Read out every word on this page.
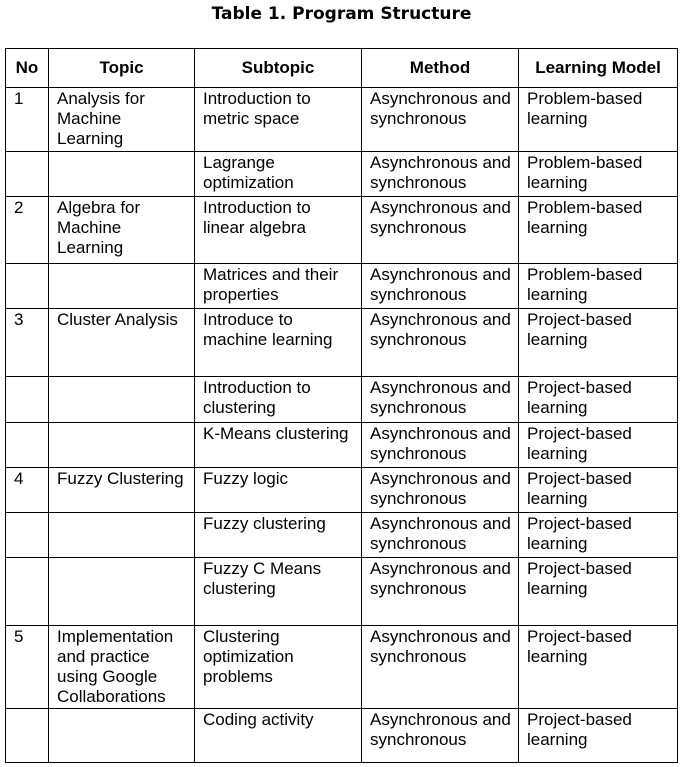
Table 1. Program Structure
No	Topic	Subtopic	Method	Learning Model
1	Analysis for Machine Learning	Introduction to metric space	Asynchronous and synchronous	Problem-based learning
		Lagrange optimization	Asynchronous and synchronous	Problem-based learning
2	Algebra for Machine Learning	Introduction to linear algebra	Asynchronous and synchronous	Problem-based learning
		Matrices and their properties	Asynchronous and synchronous	Problem-based learning
3	Cluster Analysis	Introduce to machine learning	Asynchronous and synchronous	Project-based learning
		Introduction to clustering	Asynchronous and synchronous	Project-based learning
		K-Means clustering	Asynchronous and synchronous	Project-based learning
4	Fuzzy Clustering	Fuzzy logic	Asynchronous and synchronous	Project-based learning
		Fuzzy clustering	Asynchronous and synchronous	Project-based learning
		Fuzzy C Means clustering	Asynchronous and synchronous	Project-based learning
5	Implementation and practice using Google Collaborations	Clustering optimization problems	Asynchronous and synchronous	Project-based learning
		Coding activity	Asynchronous and synchronous	Project-based learning
